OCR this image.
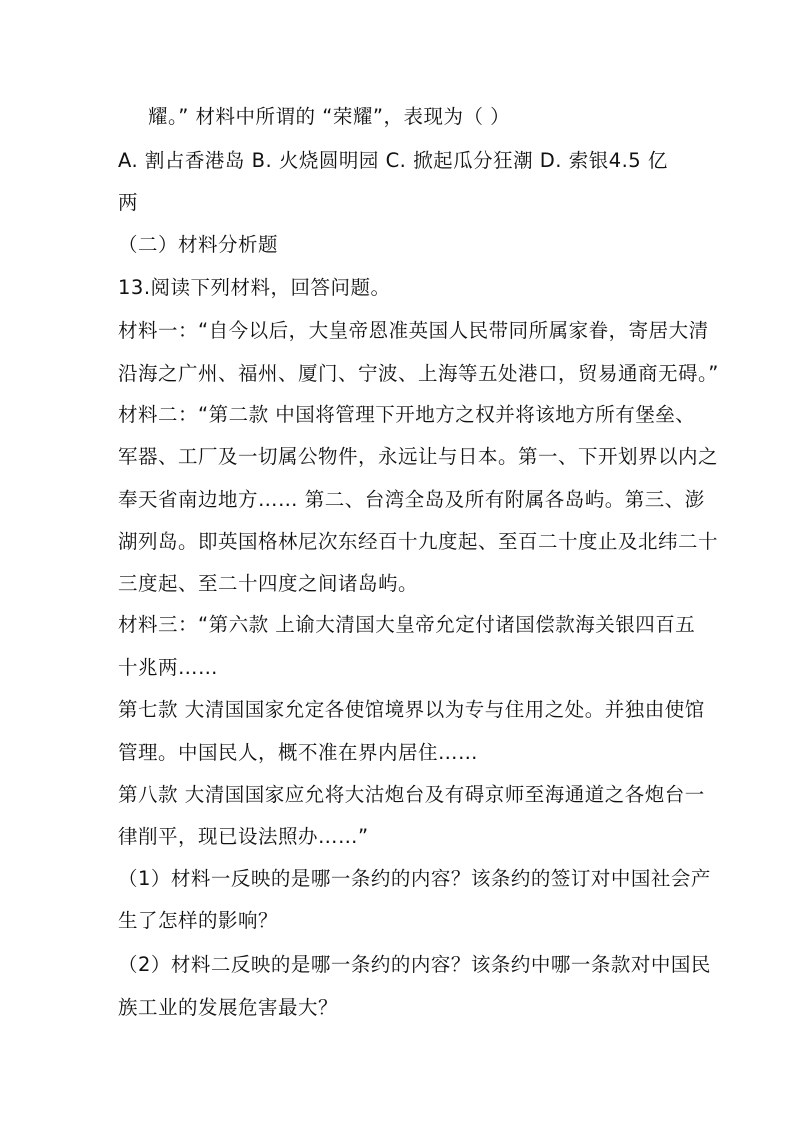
耀。” 材料中所谓的 “荣耀”，表现为（ ）
A. 割占香港岛 B. 火烧圆明园 C. 掀起瓜分狂潮 D. 索银4.5 亿
两
（二）材料分析题
13.阅读下列材料，回答问题。
材料一：“自今以后，大皇帝恩准英国人民带同所属家眷，寄居大清
沿海之广州、福州、厦门、宁波、上海等五处港口，贸易通商无碍。”
材料二：“第二款 中国将管理下开地方之权并将该地方所有堡垒、
军器、工厂及一切属公物件，永远让与日本。第一、下开划界以内之
奉天省南边地方…… 第二、台湾全岛及所有附属各岛屿。第三、澎
湖列岛。即英国格林尼次东经百十九度起、至百二十度止及北纬二十
三度起、至二十四度之间诸岛屿。
材料三：“第六款 上谕大清国大皇帝允定付诸国偿款海关银四百五
十兆两……
第七款 大清国国家允定各使馆境界以为专与住用之处。并独由使馆
管理。中国民人，概不准在界内居住……
第八款 大清国国家应允将大沽炮台及有碍京师至海通道之各炮台一
律削平，现已设法照办……”
（1）材料一反映的是哪一条约的内容？该条约的签订对中国社会产
生了怎样的影响？
（2）材料二反映的是哪一条约的内容？该条约中哪一条款对中国民
族工业的发展危害最大？
